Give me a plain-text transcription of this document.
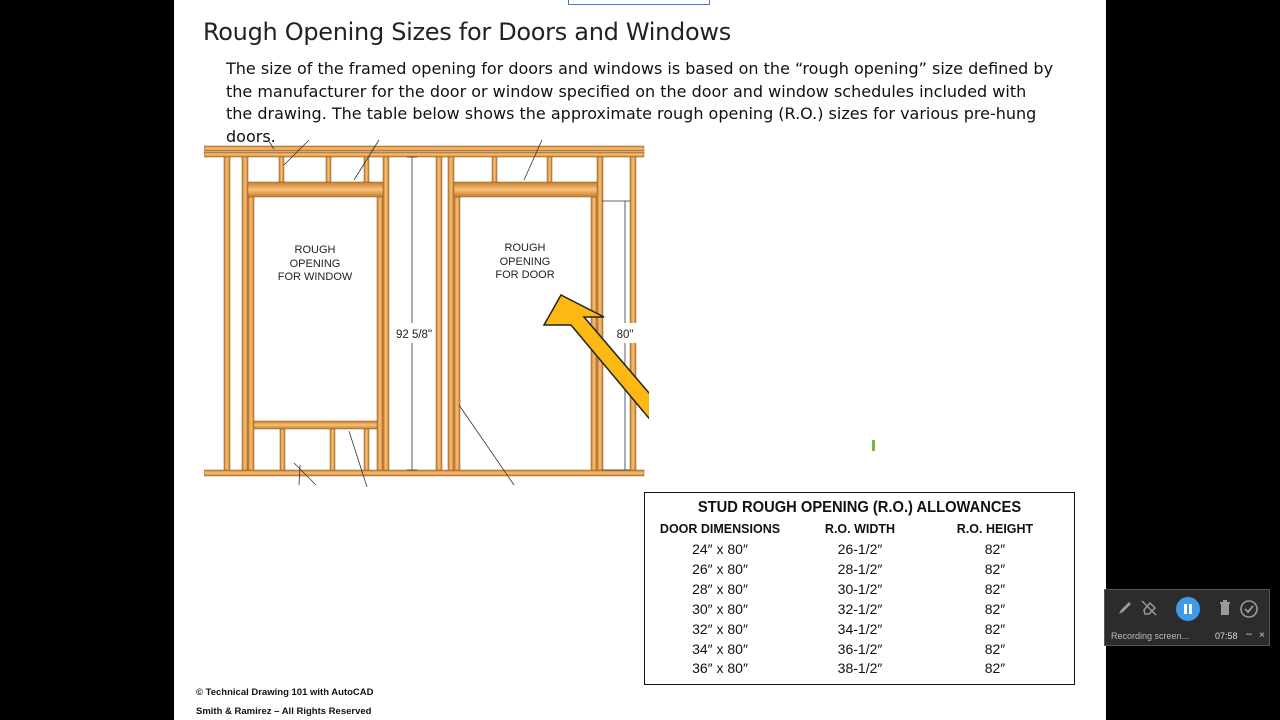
Rough Opening Sizes for Doors and Windows
The size of the framed opening for doors and windows is based on the “rough opening” size defined by the manufacturer for the door or window specified on the door and window schedules included with the drawing. The table below shows the approximate rough opening (R.O.) sizes for various pre-hung doors.
92 5/8"	80"
ROUGH
OPENING
FOR WINDOW
ROUGH
OPENING
FOR DOOR
STUD ROUGH OPENING (R.O.) ALLOWANCES
DOOR DIMENSIONS	R.O. WIDTH	R.O. HEIGHT
24″ x 80″	26-1/2″	82″
26″ x 80″	28-1/2″	82″
28″ x 80″	30-1/2″	82″
30″ x 80″	32-1/2″	82″
32″ x 80″	34-1/2″	82″
34″ x 80″	36-1/2″	82″
36″ x 80″	38-1/2″	82″
© Technical Drawing 101 with AutoCAD
Smith & Ramirez – All Rights Reserved
Recording screen...	07:58 – ×
